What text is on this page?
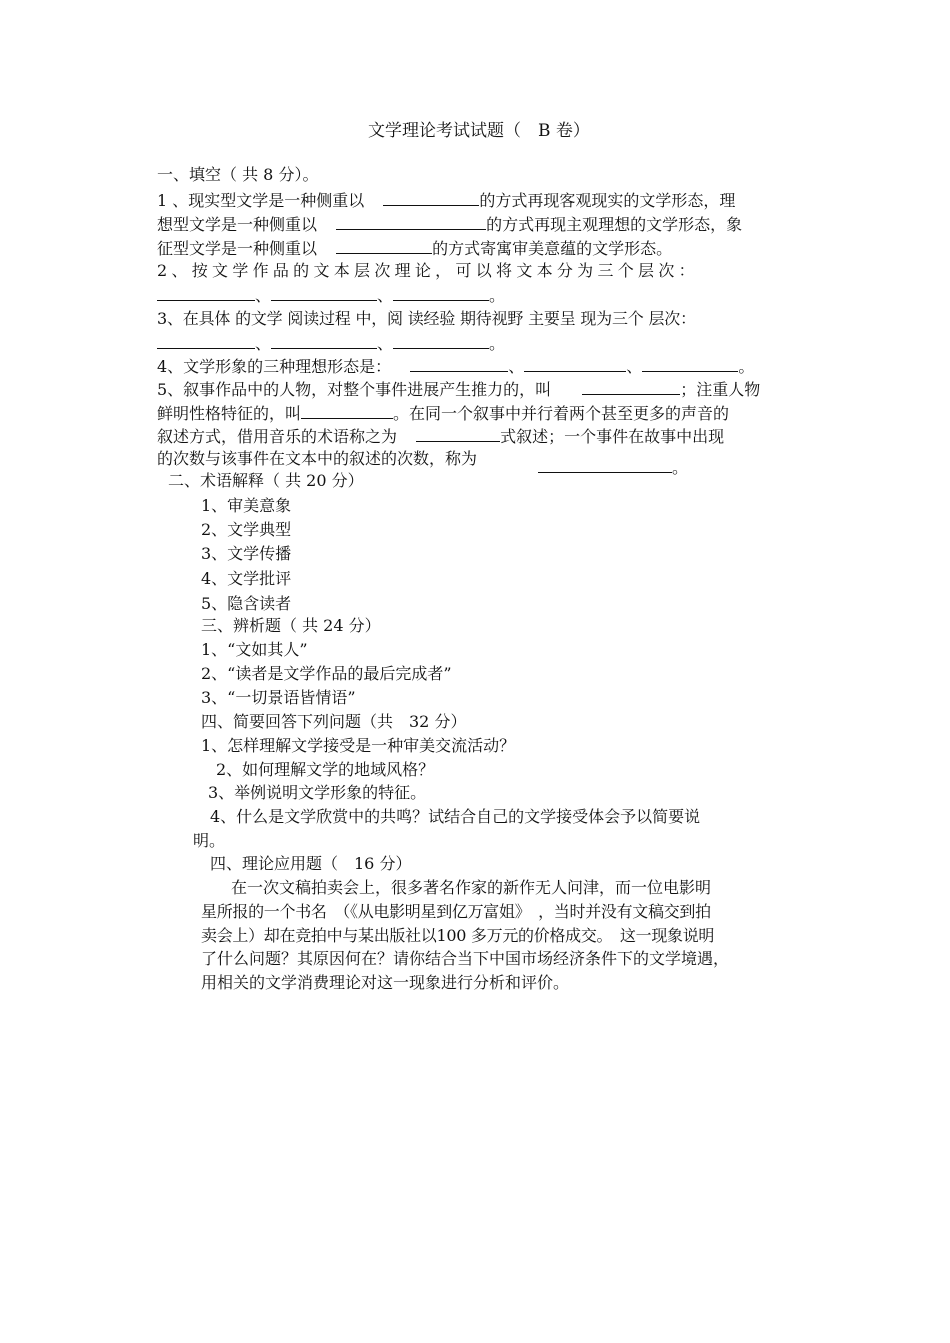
文学理论考试试题（　B 卷）
一、填空（ 共 8 分）。
1 、现实型文学是一种侧重以	的方式再现客观现实的文学形态，理
想型文学是一种侧重以	的方式再现主观理想的文学形态，象
征型文学是一种侧重以	的方式寄寓审美意蕴的文学形态。
2 、 按 文 学 作 品 的 文 本 层 次 理 论 ， 可 以 将 文 本 分 为 三 个 层 次 ：
、	、	。
3、在具体 的文学 阅读过程 中，阅 读经验 期待视野 主要呈 现为三个 层次：
、	、	。
4、文学形象的三种理想形态是：	、	、	。
5、叙事作品中的人物，对整个事件进展产生推力的，叫	；注重人物
鲜明性格特征的，叫	。在同一个叙事中并行着两个甚至更多的声音的
叙述方式，借用音乐的术语称之为	式叙述；一个事件在故事中出现
的次数与该事件在文本中的叙述的次数，称为	。
二、术语解释（ 共 20 分）
1、审美意象
2、文学典型
3、文学传播
4、文学批评
5、隐含读者
三、辨析题（ 共 24 分）
1、“文如其人”
2、“读者是文学作品的最后完成者”
3、“一切景语皆情语”
四、简要回答下列问题（共　32 分）
1、怎样理解文学接受是一种审美交流活动？
2、如何理解文学的地域风格？
3、举例说明文学形象的特征。
4、什么是文学欣赏中的共鸣？试结合自己的文学接受体会予以简要说
明。
四、理论应用题（　16 分）
在一次文稿拍卖会上，很多著名作家的新作无人问津，而一位电影明
星所报的一个书名　（《从电影明星到亿万富姐》　，当时并没有文稿交到拍
卖会上）却在竞拍中与某出版社以100 多万元的价格成交。　这一现象说明
了什么问题？其原因何在？请你结合当下中国市场经济条件下的文学境遇，
用相关的文学消费理论对这一现象进行分析和评价。
